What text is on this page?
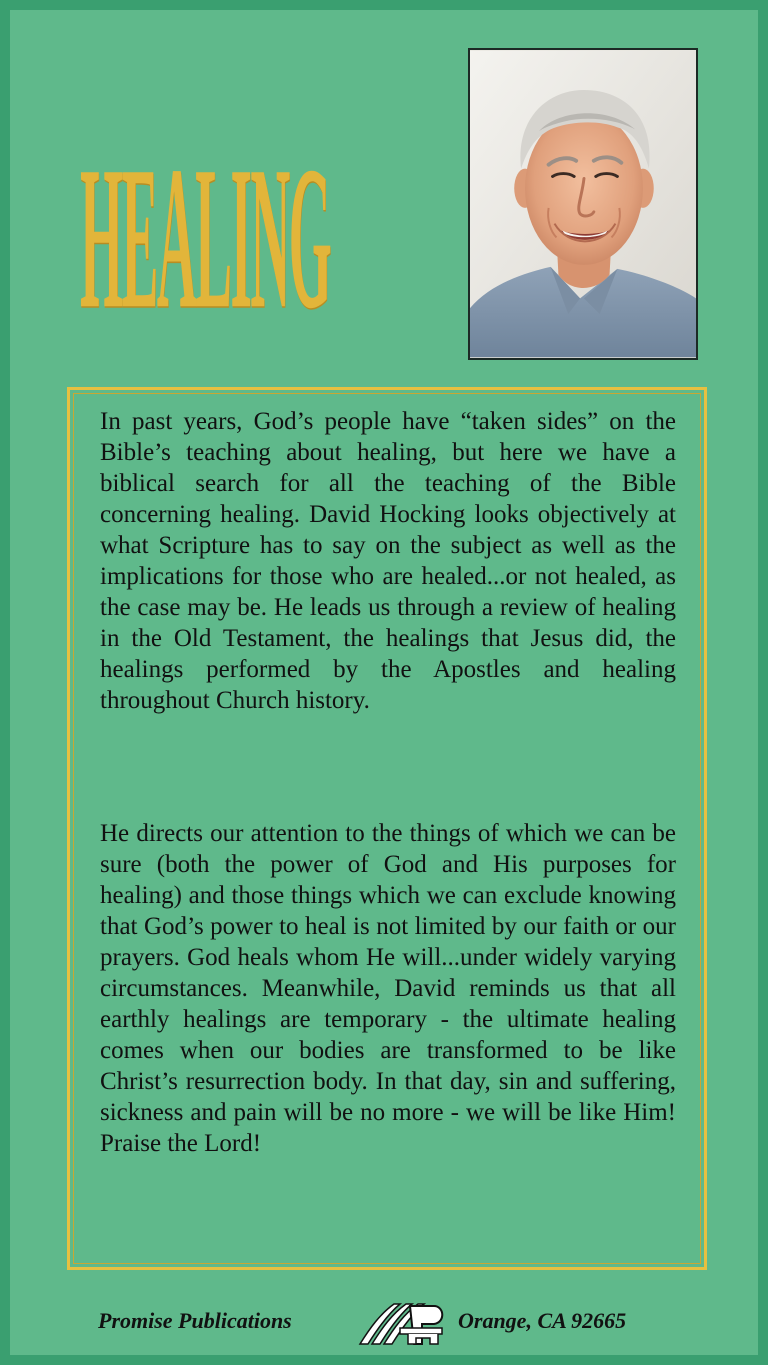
HEALING

In past years, God’s people have “taken sides” on the Bible’s teaching about healing, but here we have a biblical search for all the teaching of the Bible concerning healing. David Hocking looks objectively at what Scripture has to say on the subject as well as the implications for those who are healed...or not healed, as the case may be. He leads us through a review of healing in the Old Testament, the healings that Jesus did, the healings performed by the Apostles and healing throughout Church history.

He directs our attention to the things of which we can be sure (both the power of God and His purposes for healing) and those things which we can exclude knowing that God’s power to heal is not limited by our faith or our prayers. God heals whom He will...under widely varying circumstances. Meanwhile, David reminds us that all earthly healings are temporary - the ultimate healing comes when our bodies are transformed to be like Christ’s resurrection body. In that day, sin and suffering, sickness and pain will be no more - we will be like Him! Praise the Lord!

Promise Publications	Orange, CA 92665
